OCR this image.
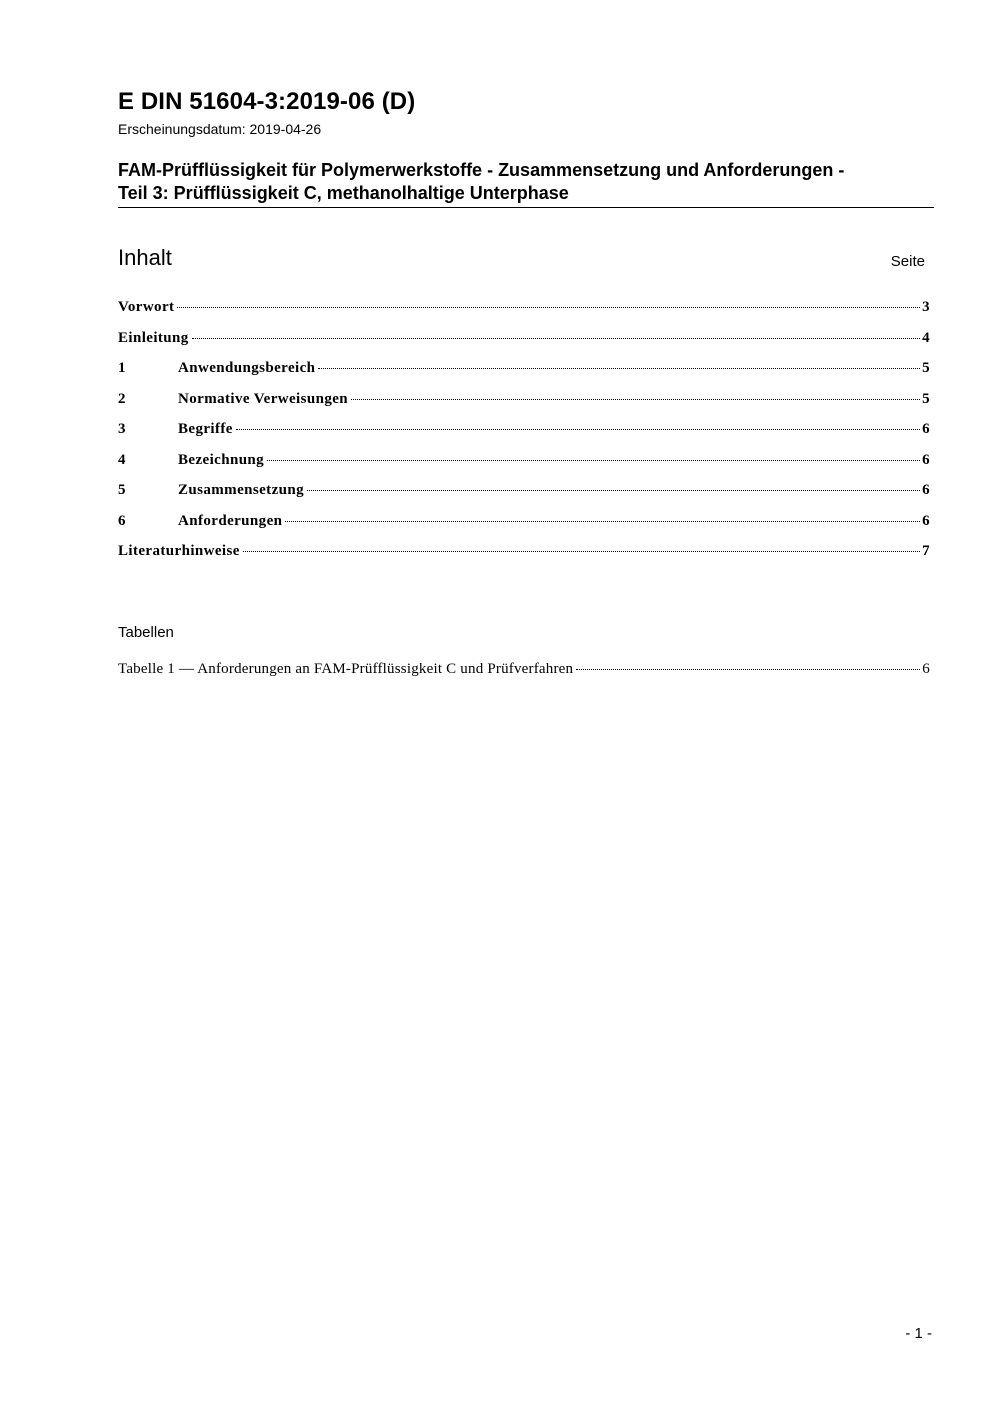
E DIN 51604-3:2019-06 (D)
Erscheinungsdatum: 2019-04-26
FAM-Prüfflüssigkeit für Polymerwerkstoffe - Zusammensetzung und Anforderungen -
Teil 3: Prüfflüssigkeit C, methanolhaltige Unterphase
Inhalt	Seite
Vorwort	3
Einleitung	4
1	Anwendungsbereich	5
2	Normative Verweisungen	5
3	Begriffe	6
4	Bezeichnung	6
5	Zusammensetzung	6
6	Anforderungen	6
Literaturhinweise	7
Tabellen
Tabelle 1 — Anforderungen an FAM-Prüfflüssigkeit C und Prüfverfahren	6
- 1 -
